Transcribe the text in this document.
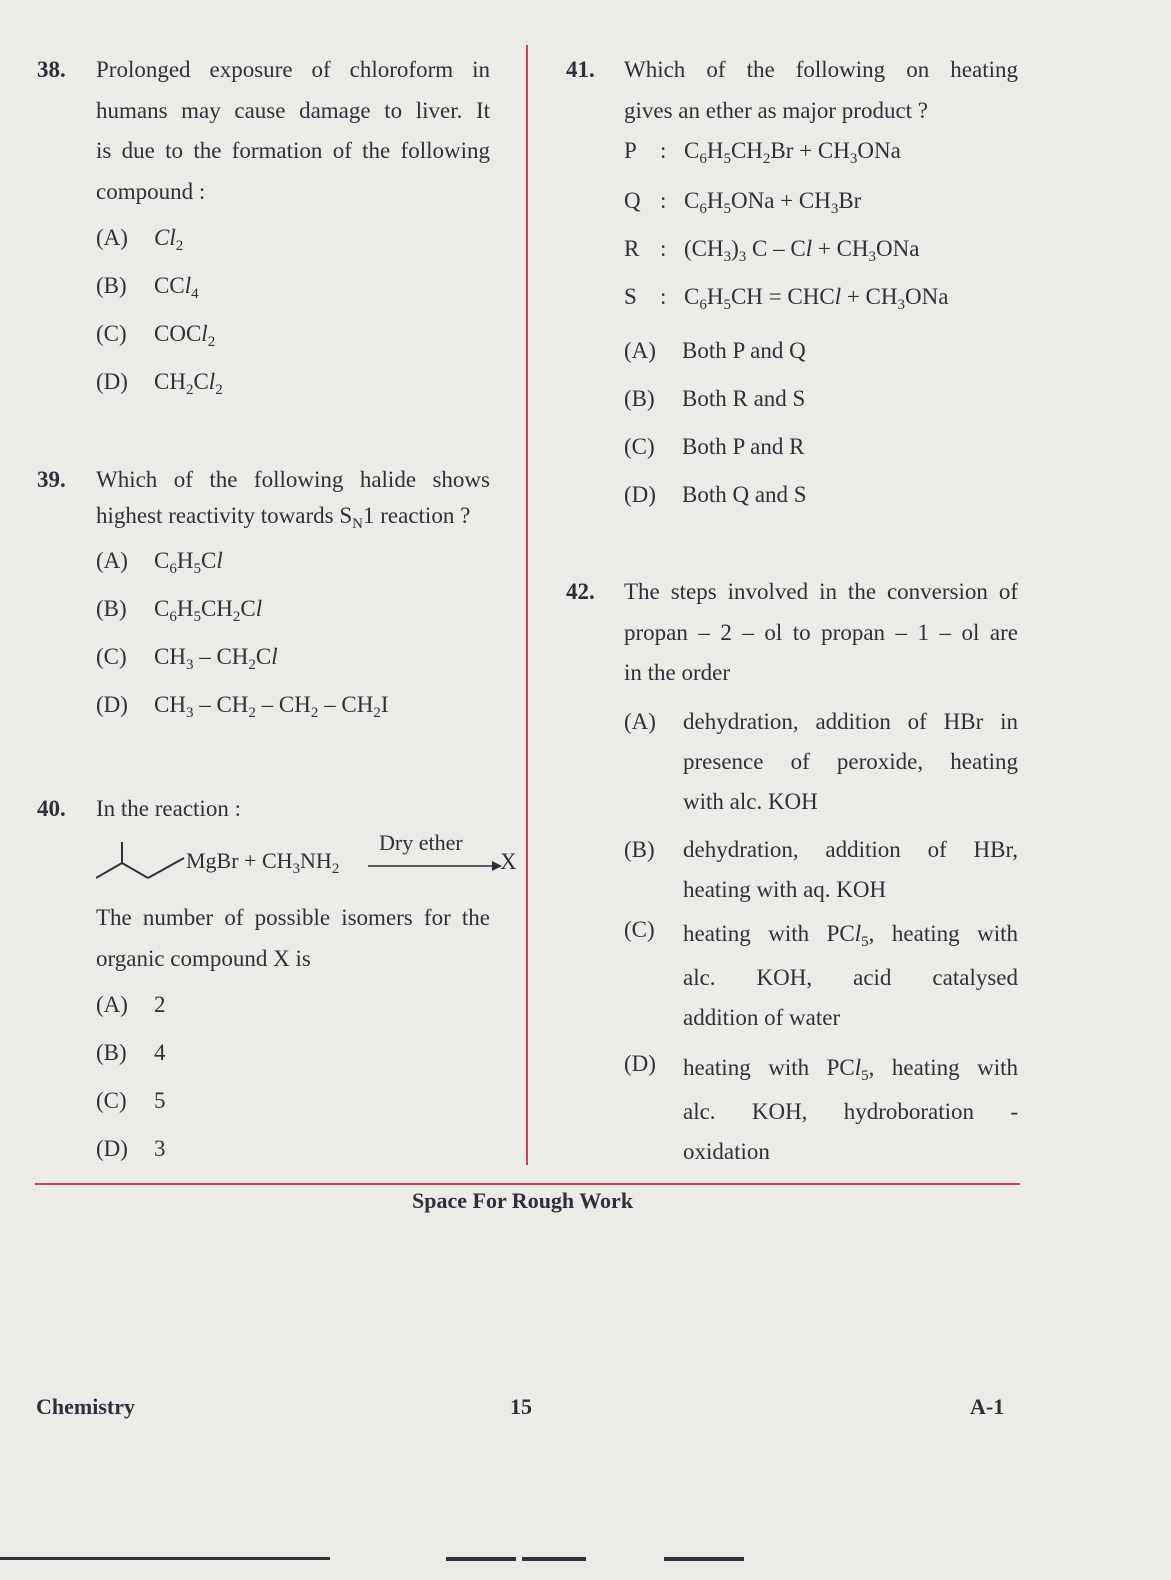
38. Prolonged exposure of chloroform in
humans may cause damage to liver. It
is due to the formation of the following
compound :
(A) $Cl_2$
(B) CCl$_4$
(C) COCl$_2$
(D) $CH_2Cl_2$
39. Which of the following halide shows
highest reactivity towards $S_N1$ reaction ?
(A) $C_6H_5Cl$
(B) $C_6H_5CH_2Cl$
(C) $CH_3 - CH_2Cl$
(D) $CH_3 - CH_2 - CH_2 - CH_2I$
40. In the reaction :
MgBr + $CH_3NH_2$
Dry ether
X
The number of possible isomers for the
organic compound X is
(A) 2
(B) 4
(C) 5
(D) 3
41. Which of the following on heating
gives an ether as major product ?
P : $C_6H_5CH_2Br + CH_3ONa$
Q : $C_6H_5ONa + CH_3Br$
R : $(CH_3)_3$ $C - Cl + CH_3ONa$
S : $C_6H_5CH$ = CHCl + $CH_3ONa$
(A) Both P and Q
(B) Both R and S
(C) Both P and R
(D) Both Q and S
42. The steps involved in the conversion of
propan – 2 – ol to propan – 1 – ol are
in the order
(A) dehydration, addition of HBr in
presence of peroxide, heating
with alc. KOH
(B) dehydration, addition of HBr,
heating with aq. KOH
(C) heating with PCl$_5$, heating with
alc. KOH, acid catalysed
addition of water
(D) heating with PCl$_5$, heating with
alc. KOH, hydroboration -
oxidation
Space For Rough Work
Chemistry	15	A-1
